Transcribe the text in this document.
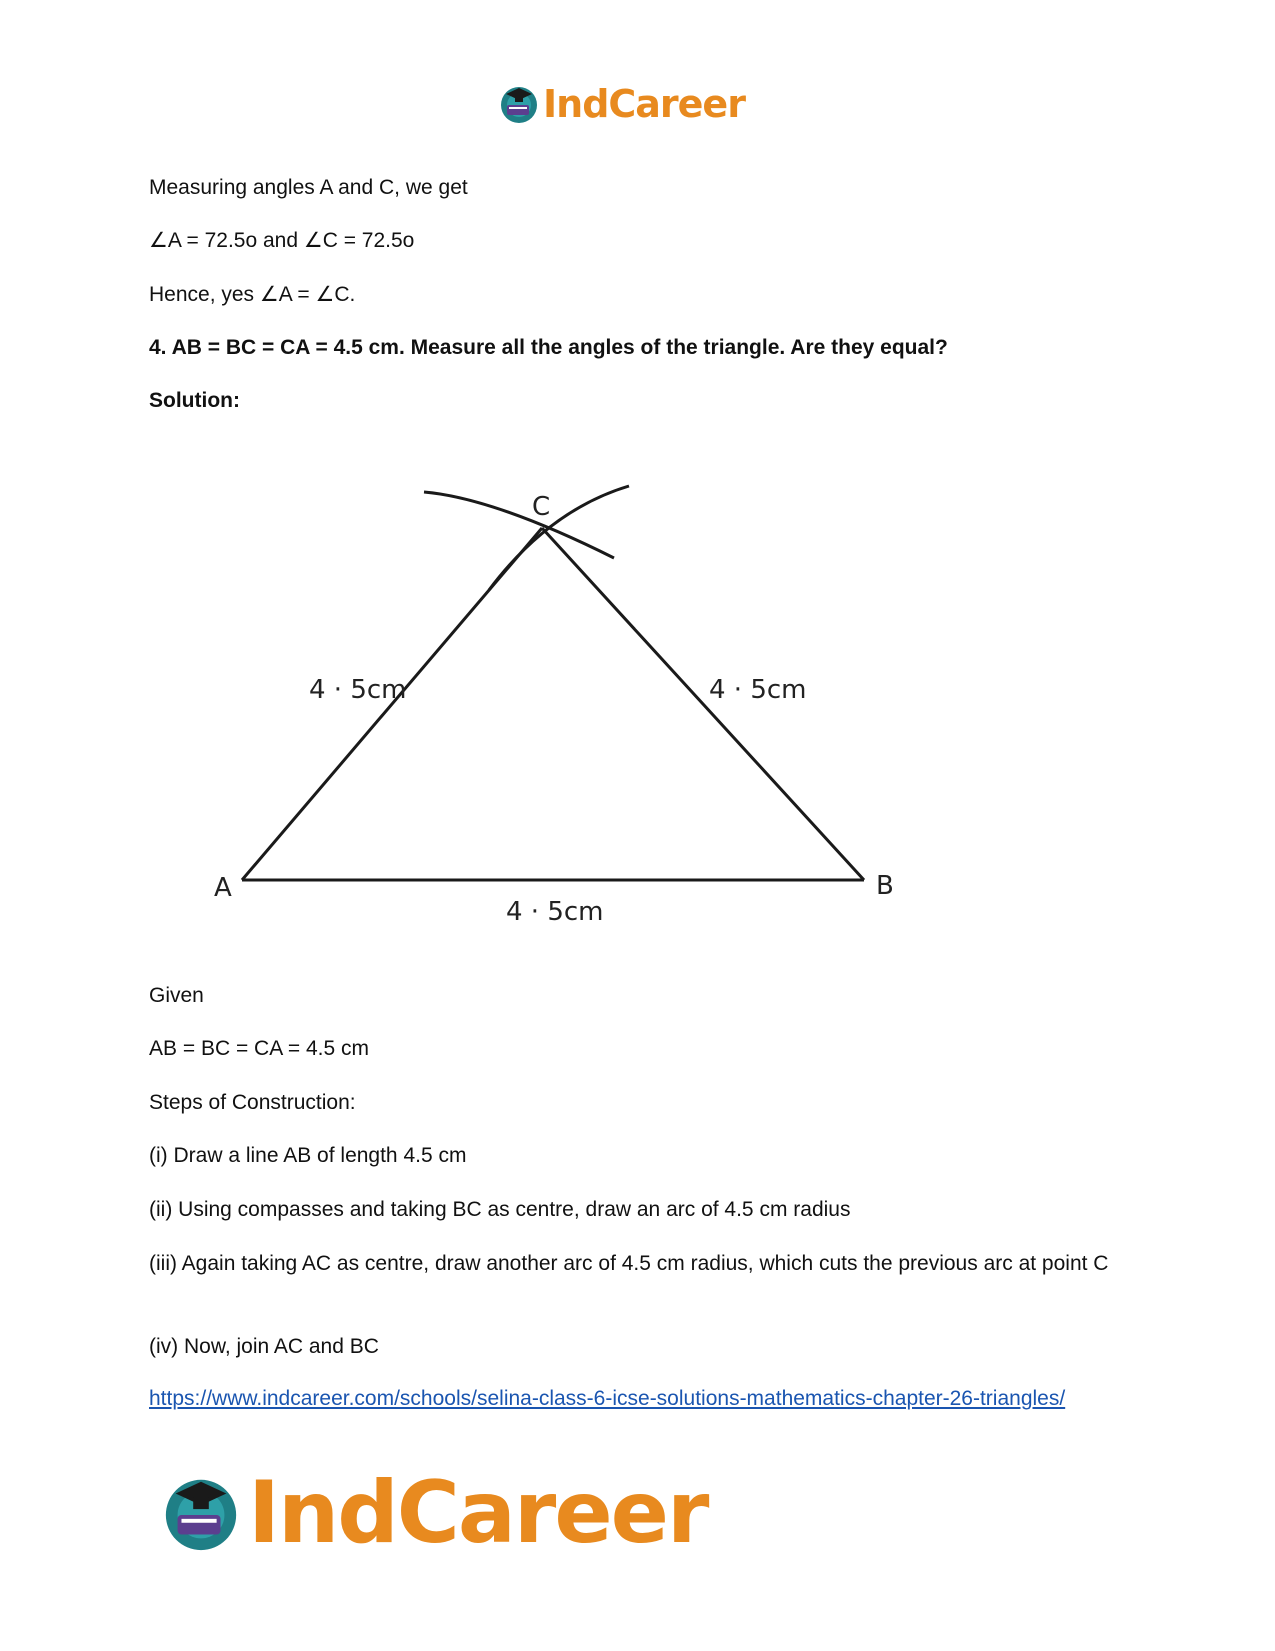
IndCareer

Measuring angles A and C, we get

∠A = 72.5o and ∠C = 72.5o

Hence, yes ∠A = ∠C.

4. AB = BC = CA = 4.5 cm. Measure all the angles of the triangle. Are they equal?

Solution:

A	B
C
4 · 5cm	4 · 5cm
4 · 5cm

Given

AB = BC = CA = 4.5 cm

Steps of Construction:

(i) Draw a line AB of length 4.5 cm

(ii) Using compasses and taking BC as centre, draw an arc of 4.5 cm radius

(iii) Again taking AC as centre, draw another arc of 4.5 cm radius, which cuts the previous arc at point C

(iv) Now, join AC and BC

https://www.indcareer.com/schools/selina-class-6-icse-solutions-mathematics-chapter-26-triangles/
IndCareer
